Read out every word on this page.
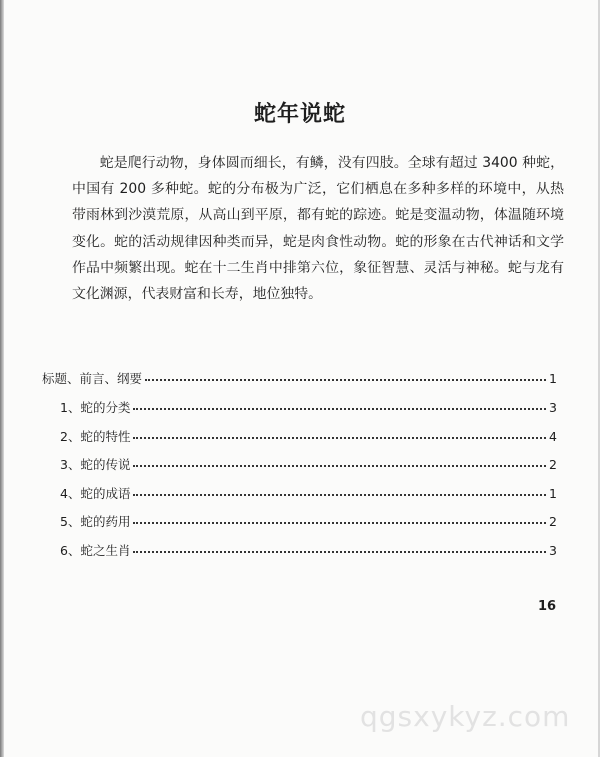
蛇年说蛇
蛇是爬行动物，身体圆而细长，有鳞，没有四肢。全球有超过 3400 种蛇，中国有 200 多种蛇。蛇的分布极为广泛，它们栖息在多种多样的环境中，从热带雨林到沙漠荒原，从高山到平原，都有蛇的踪迹。蛇是变温动物，体温随环境变化。蛇的活动规律因种类而异，蛇是肉食性动物。蛇的形象在古代神话和文学作品中频繁出现。蛇在十二生肖中排第六位，象征智慧、灵活与神秘。蛇与龙有文化渊源，代表财富和长寿，地位独特。
标题、前言、纲要	1
1、蛇的分类	3
2、蛇的特性	4
3、蛇的传说	2
4、蛇的成语	1
5、蛇的药用	2
6、蛇之生肖	3
16
qgsxykyz.com
